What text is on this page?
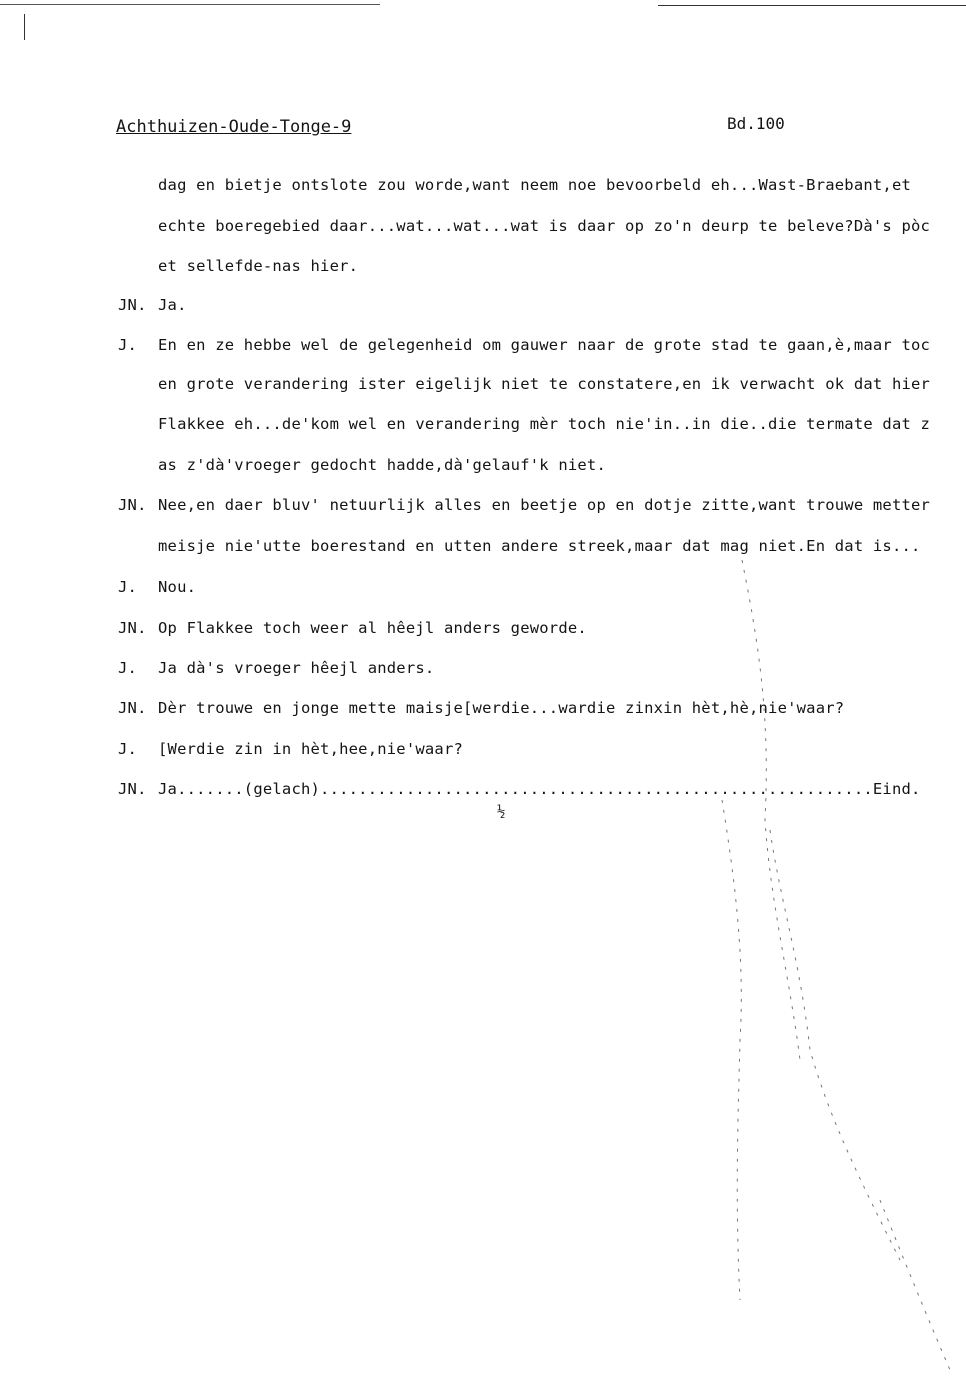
Achthuizen-Oude-Tonge-9	Bd.100
dag en bietje ontslote zou worde,want neem noe bevoorbeld eh...Wast-Braebant,et
echte boeregebied daar...wat...wat...wat is daar op zo'n deurp te beleve?Dà's pòc
et sellefde-nas hier.
JN. Ja.
J. En en ze hebbe wel de gelegenheid om gauwer naar de grote stad te gaan,è,maar toc
en grote verandering ister eigelijk niet te constatere,en ik verwacht ok dat hier
Flakkee eh...de'kom wel en verandering mèr toch nie'in..in die..die termate dat z
as z'dà'vroeger gedocht hadde,dà'gelauf'k niet.
JN. Nee,en daer bluv' netuurlijk alles en beetje op en dotje zitte,want trouwe metter
meisje nie'utte boerestand en utten andere streek,maar dat mag niet.En dat is...
J. Nou.
JN. Op Flakkee toch weer al hêejl anders geworde.
J. Ja dà's vroeger hêejl anders.
JN. Dèr trouwe en jonge mette maisje[werdie...wardie zinxin hèt,hè,nie'waar?
J. [Werdie zin in hèt,hee,nie'waar?
JN. Ja.......(gelach)..........................................................Eind.
½
